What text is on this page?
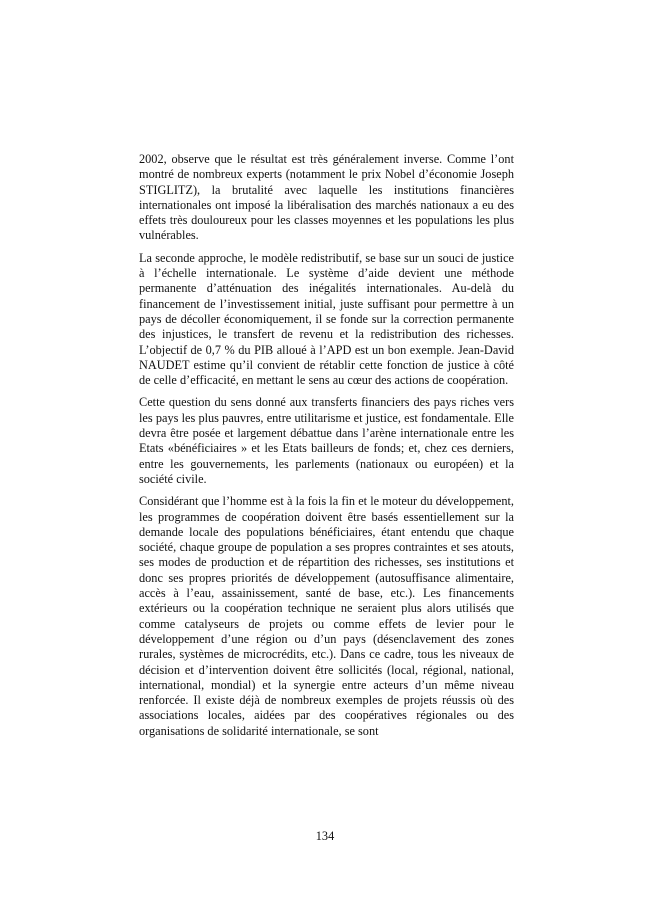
2002, observe que le résultat est très généralement inverse. Comme l’ont montré de nombreux experts (notamment le prix Nobel d’économie Joseph STIGLITZ), la brutalité avec laquelle les institutions financières internationales ont imposé la libéralisation des marchés nationaux a eu des effets très douloureux pour les classes moyennes et les populations les plus vulnérables.

La seconde approche, le modèle redistributif, se base sur un souci de justice à l’échelle internationale. Le système d’aide devient une méthode permanente d’atténuation des inégalités internationales. Au-delà du financement de l’investissement initial, juste suffisant pour permettre à un pays de décoller économiquement, il se fonde sur la correction permanente des injustices, le transfert de revenu et la redistribution des richesses. L’objectif de 0,7 % du PIB alloué à l’APD est un bon exemple. Jean-David NAUDET estime qu’il convient de rétablir cette fonction de justice à côté de celle d’efficacité, en mettant le sens au cœur des actions de coopération.

Cette question du sens donné aux transferts financiers des pays riches vers les pays les plus pauvres, entre utilitarisme et justice, est fondamentale. Elle devra être posée et largement débattue dans l’arène internationale entre les Etats «bénéficiaires » et les Etats bailleurs de fonds; et, chez ces derniers, entre les gouvernements, les parlements (nationaux ou européen) et la société civile.

Considérant que l’homme est à la fois la fin et le moteur du développement, les programmes de coopération doivent être basés essentiellement sur la demande locale des populations bénéficiaires, étant entendu que chaque société, chaque groupe de population a ses propres contraintes et ses atouts, ses modes de production et de répartition des richesses, ses institutions et donc ses propres priorités de développement (autosuffisance alimentaire, accès à l’eau, assainissement, santé de base, etc.). Les financements extérieurs ou la coopération technique ne seraient plus alors utilisés que comme catalyseurs de projets ou comme effets de levier pour le développement d’une région ou d’un pays (désenclavement des zones rurales, systèmes de microcrédits, etc.). Dans ce cadre, tous les niveaux de décision et d’intervention doivent être sollicités (local, régional, national, international, mondial) et la synergie entre acteurs d’un même niveau renforcée. Il existe déjà de nombreux exemples de projets réussis où des associations locales, aidées par des coopératives régionales ou des organisations de solidarité internationale, se sont

134
